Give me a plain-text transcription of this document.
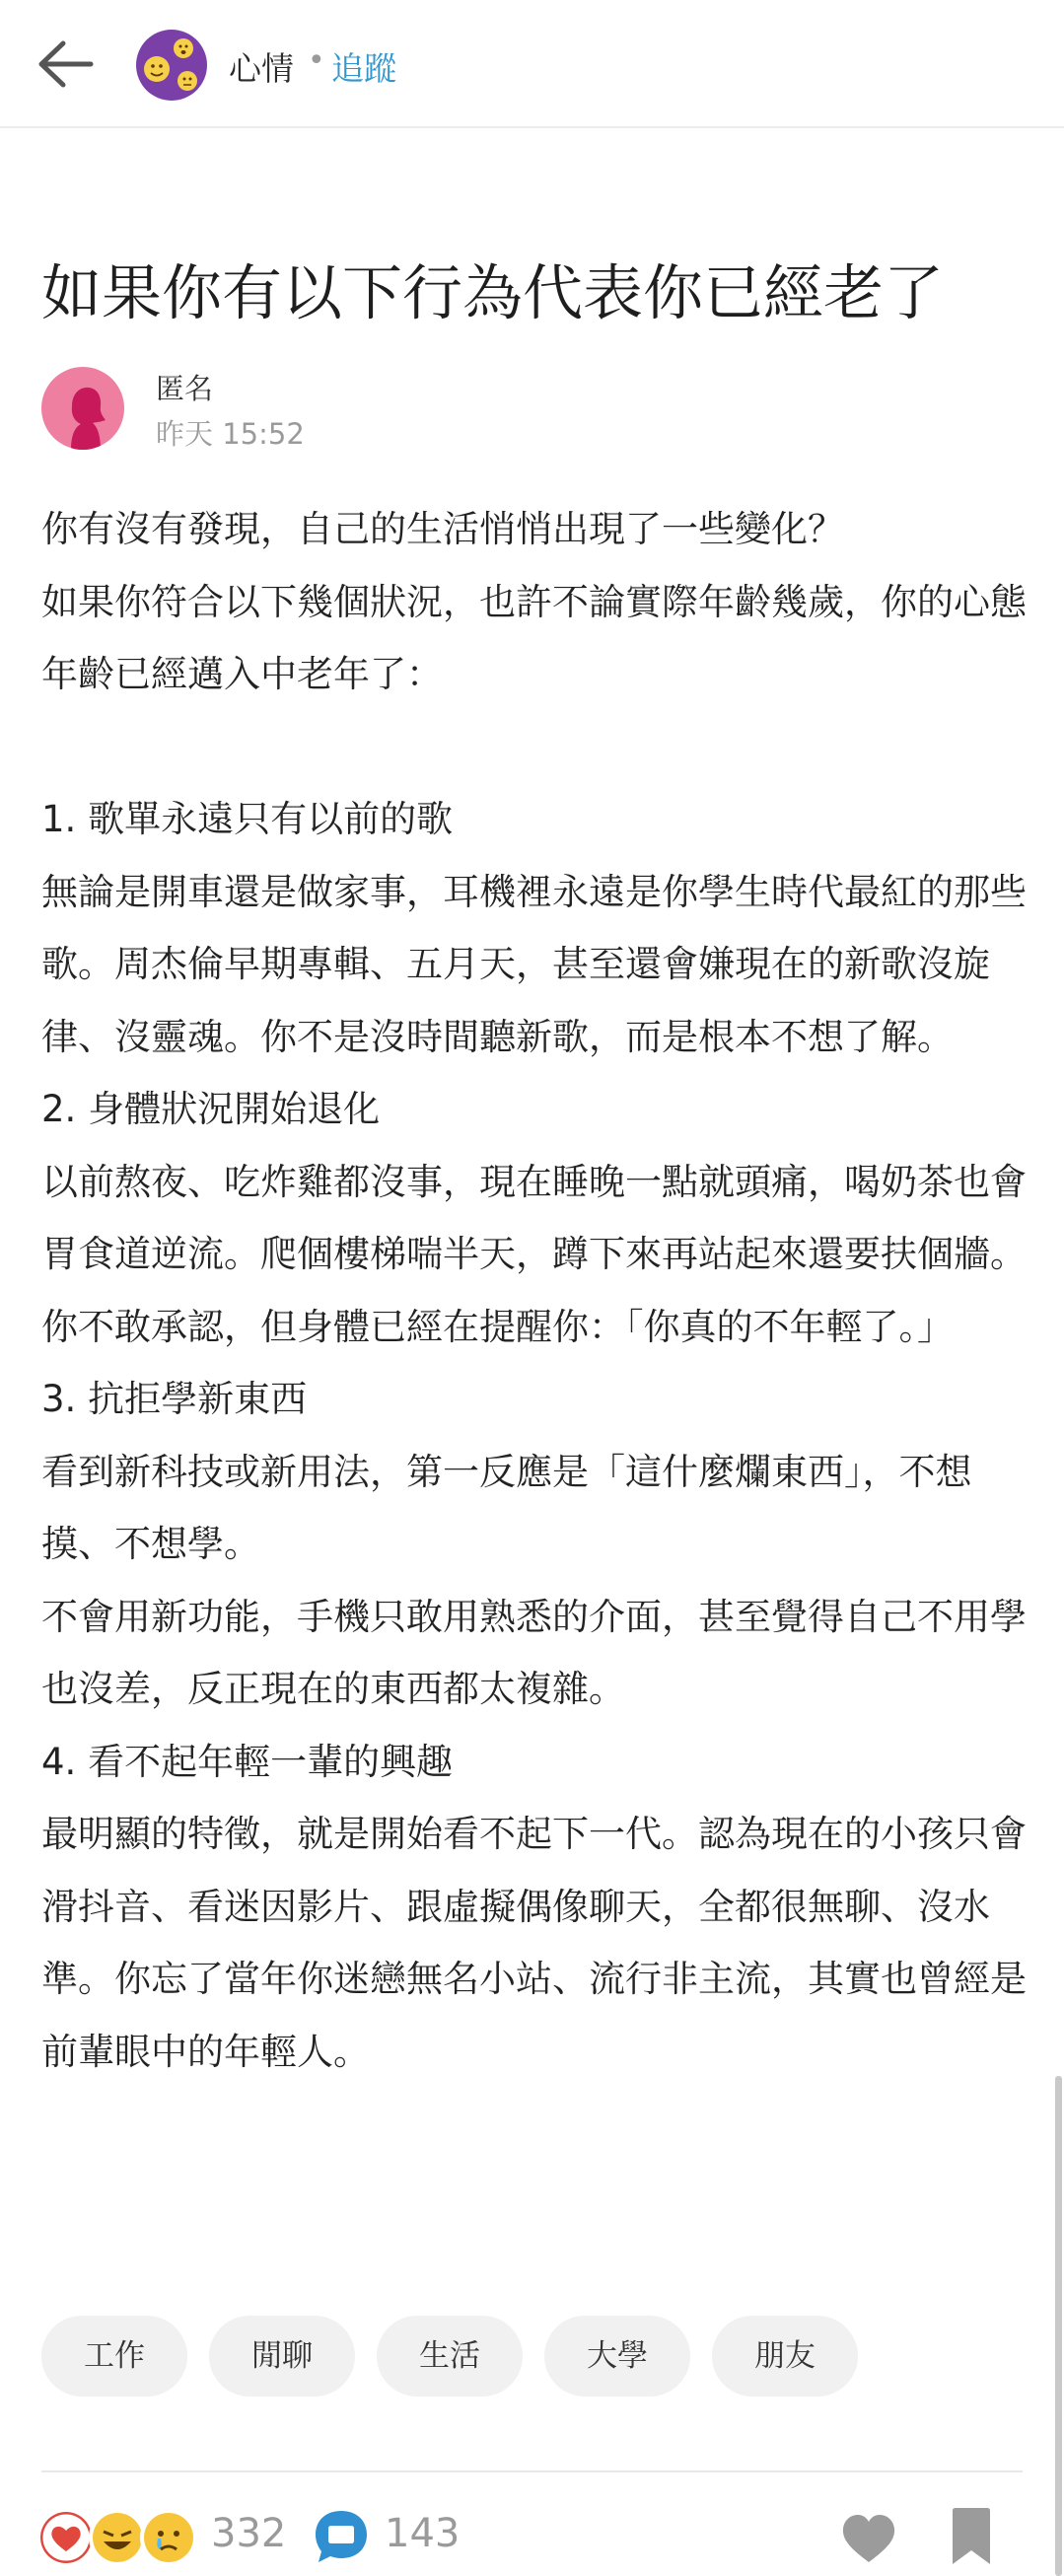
心情 • 追蹤
如果你有以下行為代表你已經老了
匿名
昨天 15:52

你有沒有發現，自己的生活悄悄出現了一些變化？

如果你符合以下幾個狀況，也許不論實際年齡幾歲，你的心態年齡已經邁入中老年了：

1. 歌單永遠只有以前的歌

無論是開車還是做家事，耳機裡永遠是你學生時代最紅的那些歌。周杰倫早期專輯、五月天，甚至還會嫌現在的新歌沒旋律、沒靈魂。你不是沒時間聽新歌，而是根本不想了解。

2. 身體狀況開始退化

以前熬夜、吃炸雞都沒事，現在睡晚一點就頭痛，喝奶茶也會胃食道逆流。爬個樓梯喘半天，蹲下來再站起來還要扶個牆。你不敢承認，但身體已經在提醒你：「你真的不年輕了。」

3. 抗拒學新東西

看到新科技或新用法，第一反應是「這什麼爛東西」，不想摸、不想學。

不會用新功能，手機只敢用熟悉的介面，甚至覺得自己不用學也沒差，反正現在的東西都太複雜。

4. 看不起年輕一輩的興趣

最明顯的特徵，就是開始看不起下一代。認為現在的小孩只會滑抖音、看迷因影片、跟虛擬偶像聊天，全都很無聊、沒水準。你忘了當年你迷戀無名小站、流行非主流，其實也曾經是前輩眼中的年輕人。

工作	閒聊	生活	大學	朋友
332 143
